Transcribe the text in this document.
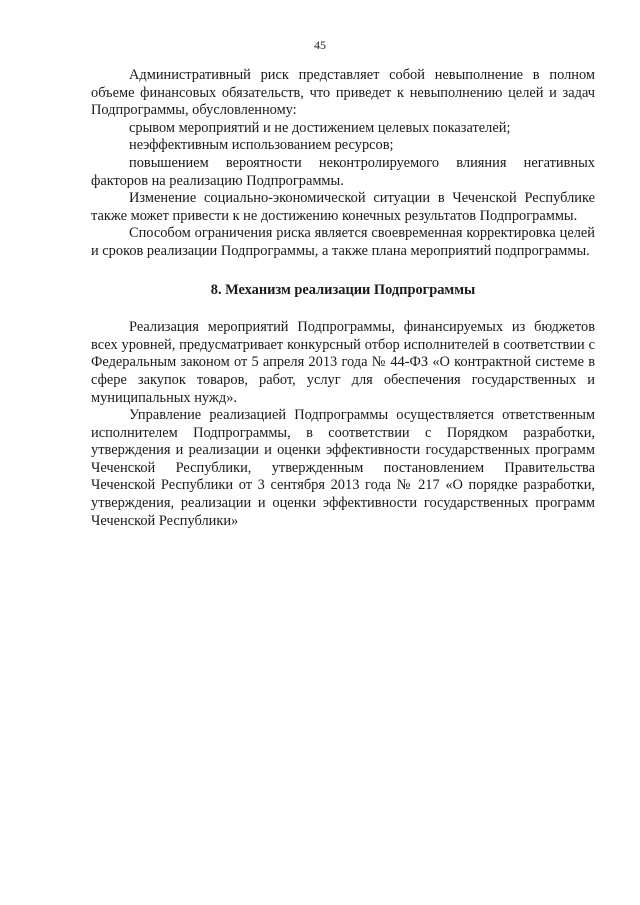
45

Административный риск представляет собой невыполнение в полном объеме финансовых обязательств, что приведет к невыполнению целей и задач Подпрограммы, обусловленному:

срывом мероприятий и не достижением целевых показателей;

неэффективным использованием ресурсов;

повышением вероятности неконтролируемого влияния негативных факторов на реализацию Подпрограммы.

Изменение социально-экономической ситуации в Чеченской Республике также может привести к не достижению конечных результатов Подпрограммы.

Способом ограничения риска является своевременная корректировка целей и сроков реализации Подпрограммы, а также плана мероприятий подпрограммы.

8. Механизм реализации Подпрограммы

Реализация мероприятий Подпрограммы, финансируемых из бюджетов всех уровней, предусматривает конкурсный отбор исполнителей в соответствии с Федеральным законом от 5 апреля 2013 года № 44-ФЗ «О контрактной системе в сфере закупок товаров, работ, услуг для обеспечения государственных и муниципальных нужд».

Управление реализацией Подпрограммы осуществляется ответственным исполнителем Подпрограммы, в соответствии с Порядком разработки, утверждения и реализации и оценки эффективности государственных программ Чеченской Республики, утвержденным постановлением Правительства Чеченской Республики от 3 сентября 2013 года № 217 «О порядке разработки, утверждения, реализации и оценки эффективности государственных программ Чеченской Республики»
